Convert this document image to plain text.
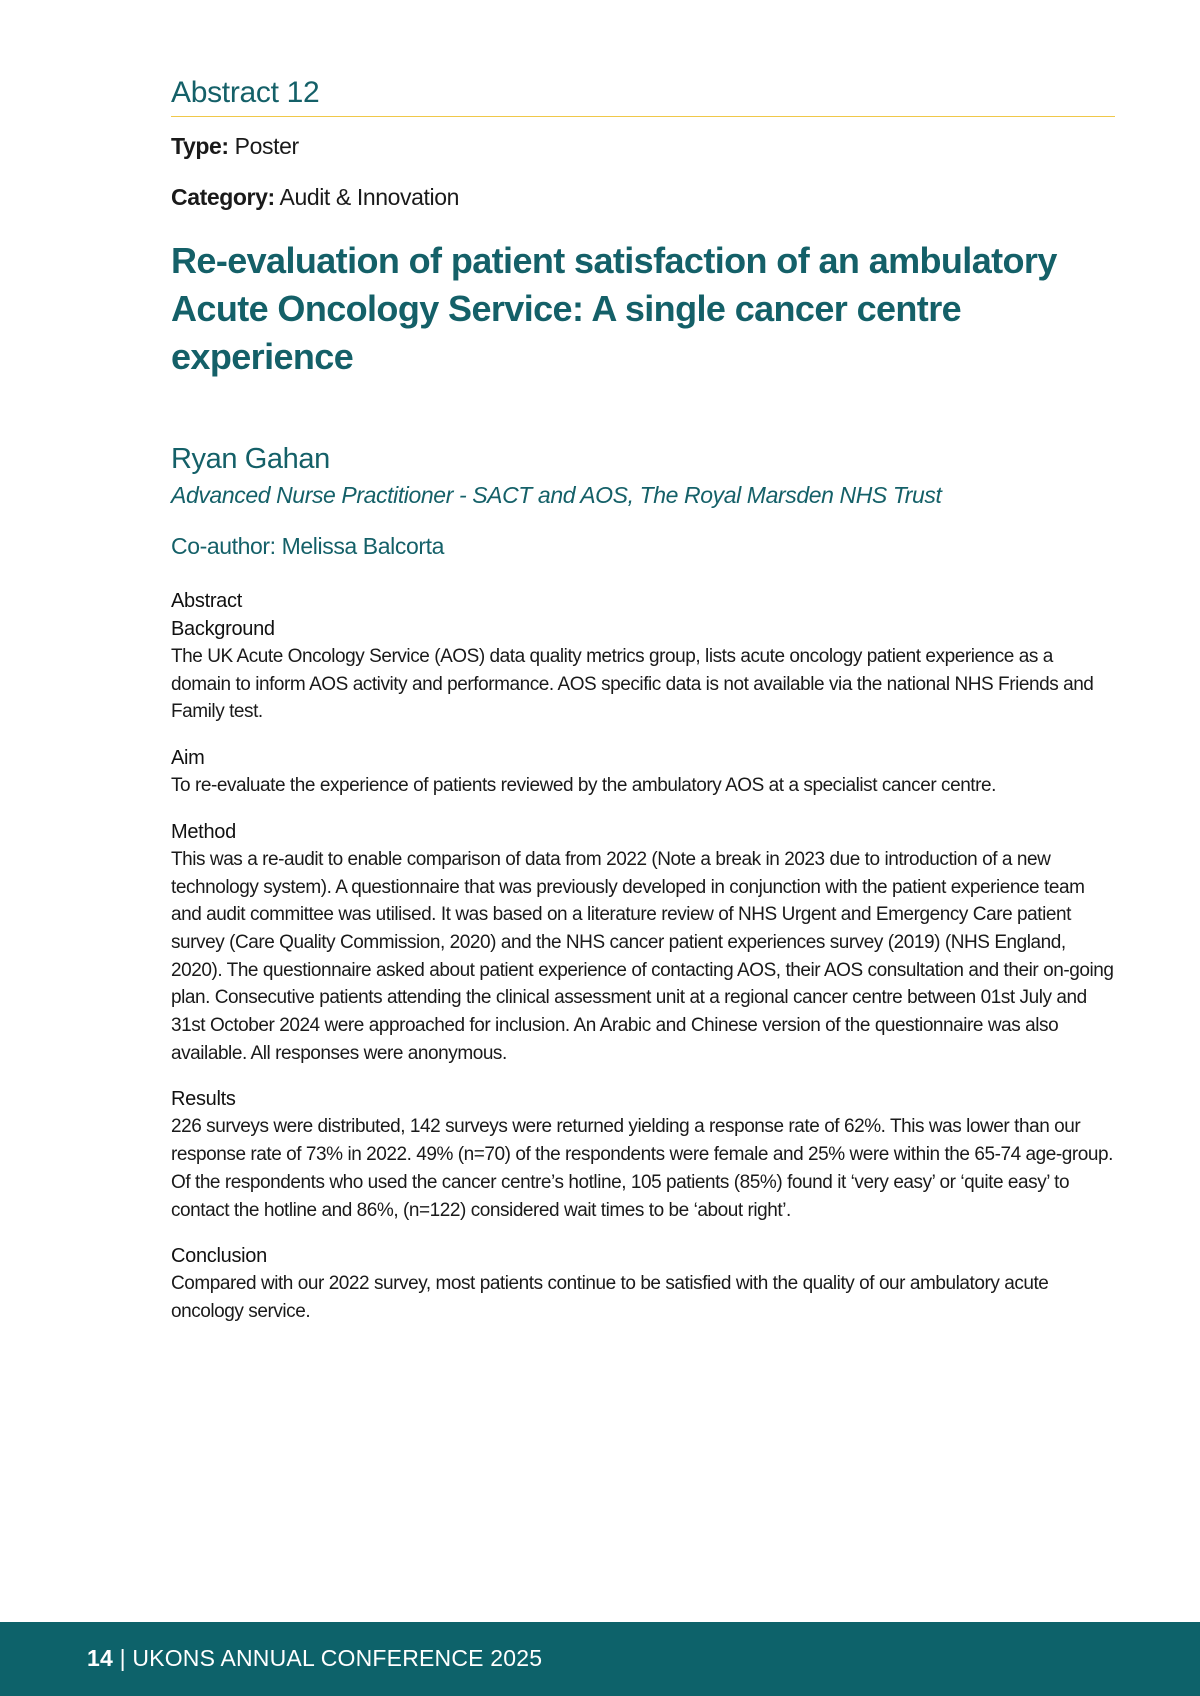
Abstract 12

Type: Poster

Category: Audit & Innovation

Re-evaluation of patient satisfaction of an ambulatory Acute Oncology Service: A single cancer centre experience

Ryan Gahan

Advanced Nurse Practitioner - SACT and AOS, The Royal Marsden NHS Trust

Co-author: Melissa Balcorta

Abstract

Background

The UK Acute Oncology Service (AOS) data quality metrics group, lists acute oncology patient experience as a domain to inform AOS activity and performance. AOS specific data is not available via the national NHS Friends and Family test.

Aim

To re-evaluate the experience of patients reviewed by the ambulatory AOS at a specialist cancer centre.

Method

This was a re-audit to enable comparison of data from 2022 (Note a break in 2023 due to introduction of a new technology system). A questionnaire that was previously developed in conjunction with the patient experience team and audit committee was utilised. It was based on a literature review of NHS Urgent and Emergency Care patient survey (Care Quality Commission, 2020) and the NHS cancer patient experiences survey (2019) (NHS England, 2020). The questionnaire asked about patient experience of contacting AOS, their AOS consultation and their on-going plan. Consecutive patients attending the clinical assessment unit at a regional cancer centre between 01st July and 31st October 2024 were approached for inclusion. An Arabic and Chinese version of the questionnaire was also available. All responses were anonymous.

Results

226 surveys were distributed, 142 surveys were returned yielding a response rate of 62%. This was lower than our response rate of 73% in 2022. 49% (n=70) of the respondents were female and 25% were within the 65-74 age-group. Of the respondents who used the cancer centre’s hotline, 105 patients (85%) found it ‘very easy’ or ‘quite easy’ to contact the hotline and 86%, (n=122) considered wait times to be ‘about right’.

Conclusion

Compared with our 2022 survey, most patients continue to be satisfied with the quality of our ambulatory acute oncology service.

14 | UKONS ANNUAL CONFERENCE 2025
